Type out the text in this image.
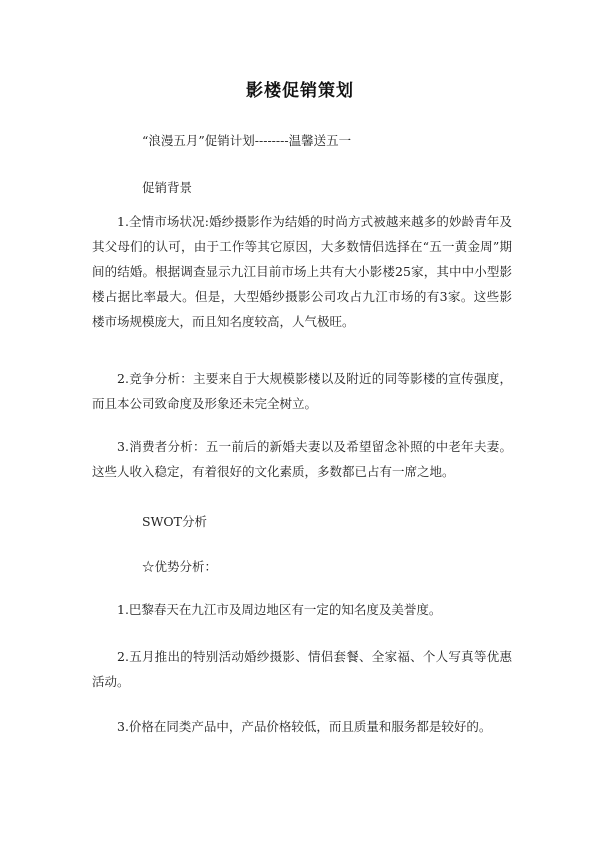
影楼促销策划
“浪漫五月”促销计划--------温馨送五一
促销背景
1.全情市场状况:婚纱摄影作为结婚的时尚方式被越来越多的妙龄青年及其父母们的认可，由于工作等其它原因，大多数情侣选择在“五一黄金周”期间的结婚。根据调查显示九江目前市场上共有大小影楼25家，其中中小型影楼占据比率最大。但是，大型婚纱摄影公司攻占九江市场的有3家。这些影楼市场规模庞大，而且知名度较高，人气极旺。
2.竞争分析：主要来自于大规模影楼以及附近的同等影楼的宣传强度，而且本公司致命度及形象还未完全树立。
3.消费者分析：五一前后的新婚夫妻以及希望留念补照的中老年夫妻。这些人收入稳定，有着很好的文化素质，多数都已占有一席之地。
SWOT分析
☆优势分析：
1.巴黎春天在九江市及周边地区有一定的知名度及美誉度。
2.五月推出的特别活动婚纱摄影、情侣套餐、全家福、个人写真等优惠活动。
3.价格在同类产品中，产品价格较低，而且质量和服务都是较好的。
